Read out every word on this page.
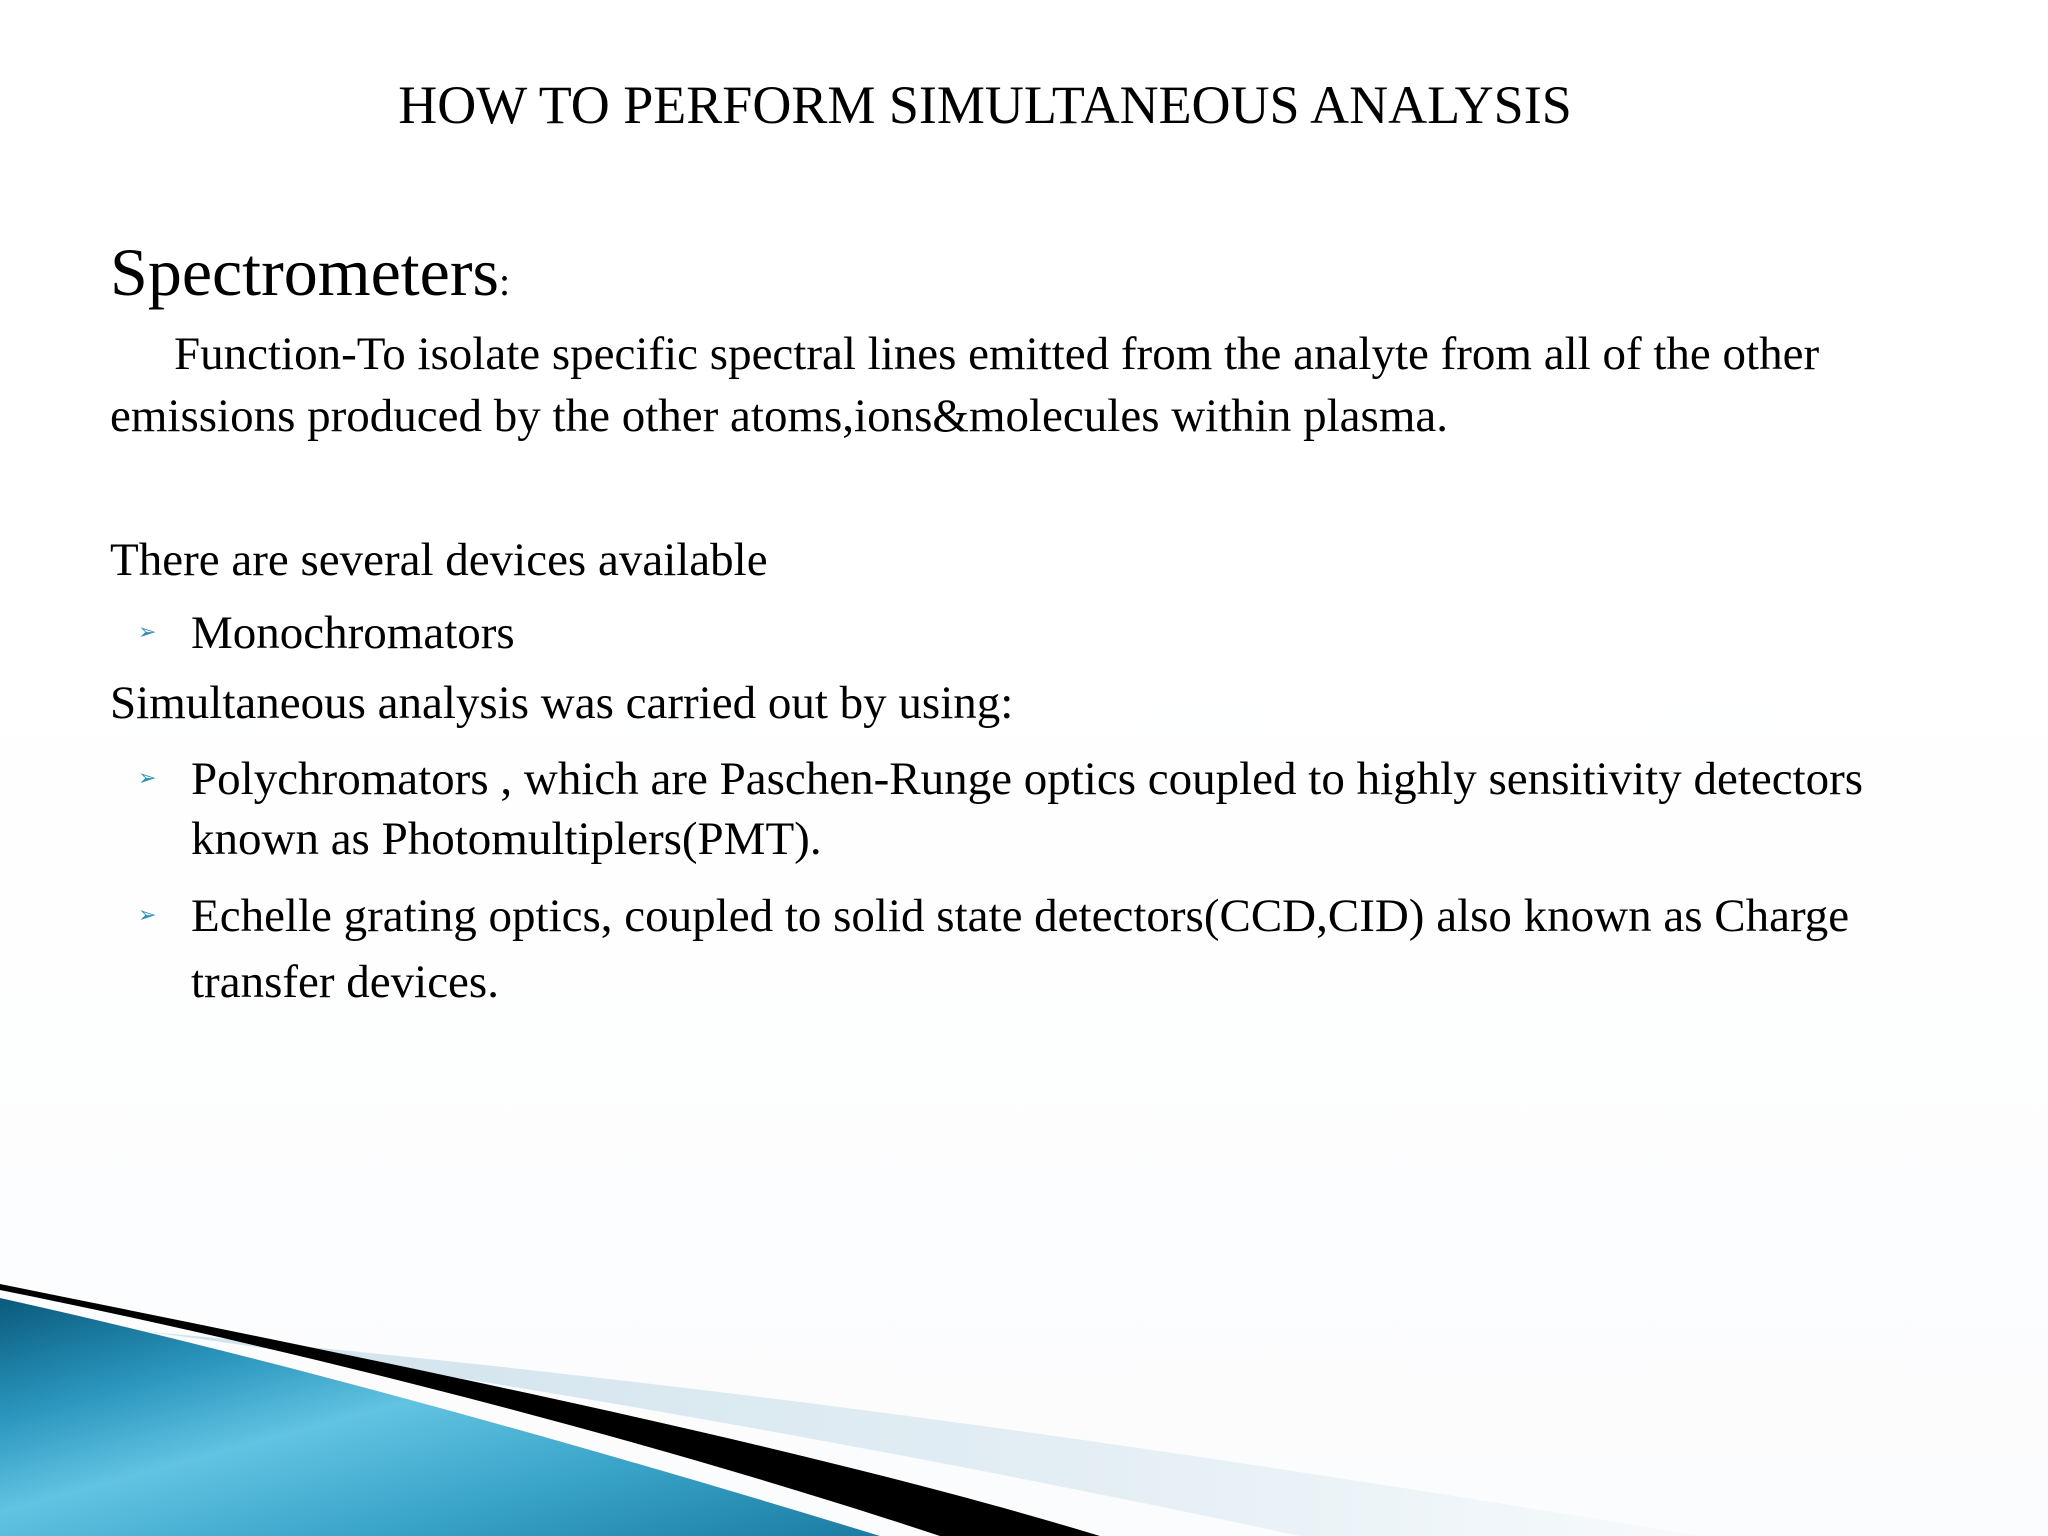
HOW TO PERFORM SIMULTANEOUS ANALYSIS
Spectrometers:

Function-To isolate specific spectral lines emitted from the analyte from all of the other emissions produced by the other atoms,ions&molecules within plasma.

There are several devices available

➢ Monochromators

Simultaneous analysis was carried out by using:

➢ Polychromators , which are Paschen-Runge optics coupled to highly sensitivity detectors known as Photomultiplers(PMT).
➢ Echelle grating optics, coupled to solid state detectors(CCD,CID) also known as Charge transfer devices.
